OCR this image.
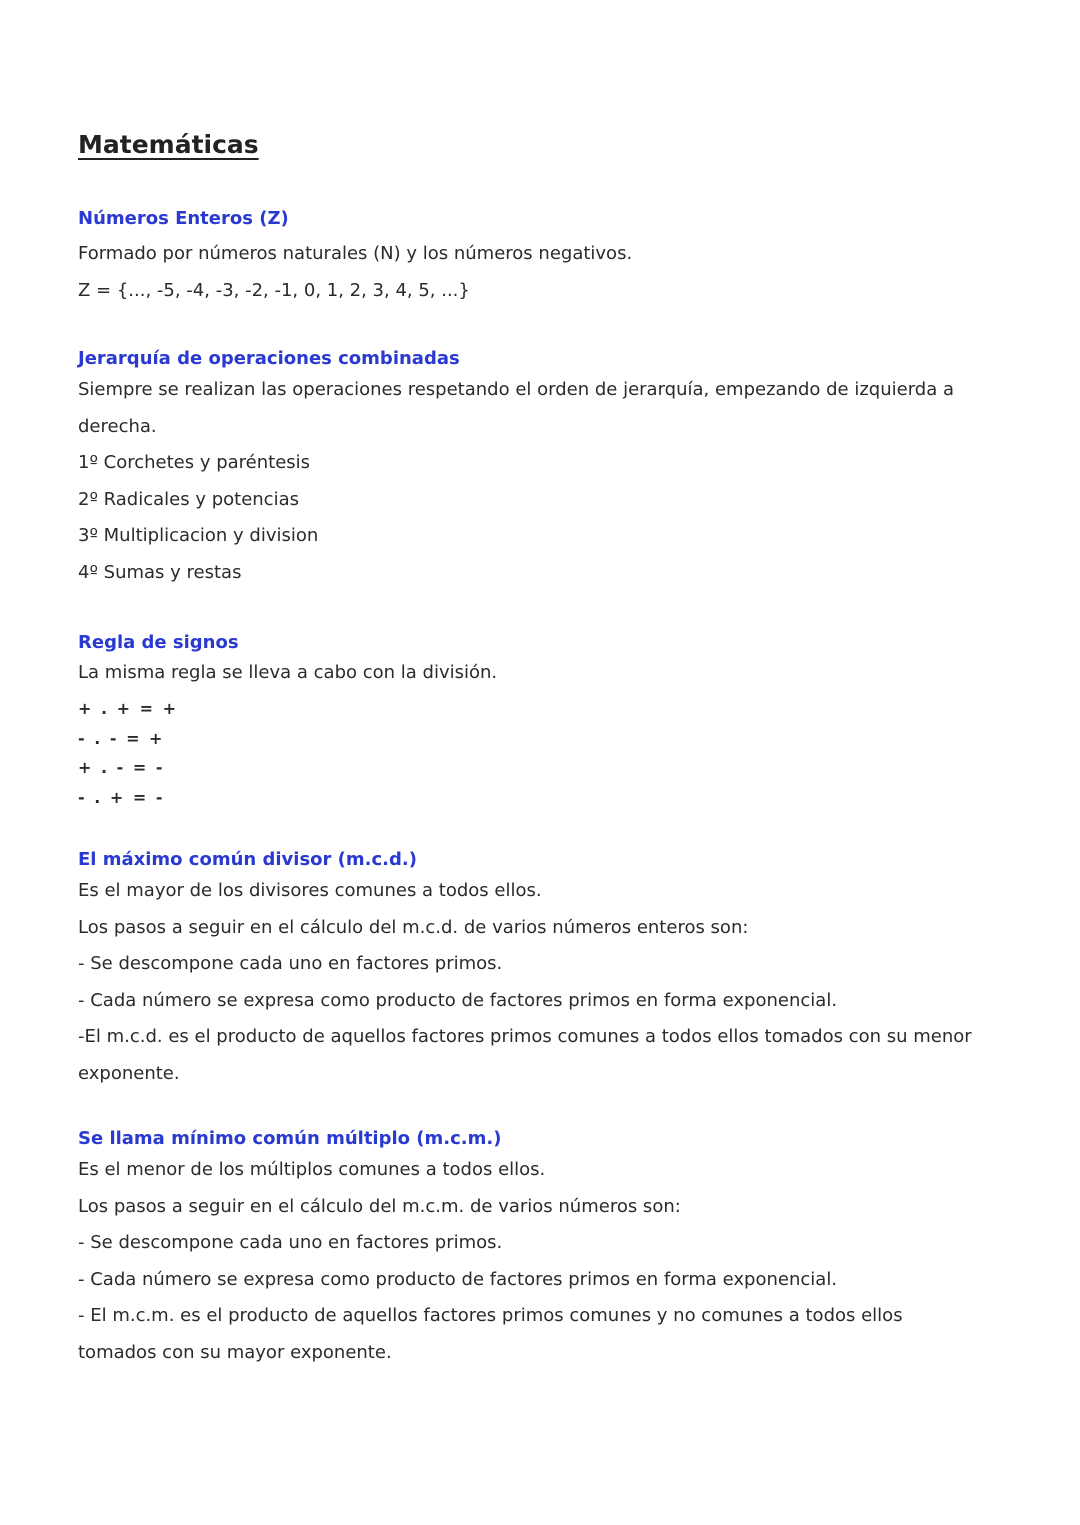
Matemáticas

Números Enteros (Z)

Formado por números naturales (N) y los números negativos.

Z = {..., -5, -4, -3, -2, -1, 0, 1, 2, 3, 4, 5, ...}

Jerarquía de operaciones combinadas

Siempre se realizan las operaciones respetando el orden de jerarquía, empezando de izquierda a derecha.

1º Corchetes y paréntesis

2º Radicales y potencias

3º Multiplicacion y division

4º Sumas y restas

Regla de signos

La misma regla se lleva a cabo con la división.

+ . + = +

- . - = +

+ . - = -

- . + = -

El máximo común divisor (m.c.d.)

Es el mayor de los divisores comunes a todos ellos.

Los pasos a seguir en el cálculo del m.c.d. de varios números enteros son:

- Se descompone cada uno en factores primos.

- Cada número se expresa como producto de factores primos en forma exponencial.

-El m.c.d. es el producto de aquellos factores primos comunes a todos ellos tomados con su menor exponente.

Se llama mínimo común múltiplo (m.c.m.)

Es el menor de los múltiplos comunes a todos ellos.

Los pasos a seguir en el cálculo del m.c.m. de varios números son:

- Se descompone cada uno en factores primos.

- Cada número se expresa como producto de factores primos en forma exponencial.

- El m.c.m. es el producto de aquellos factores primos comunes y no comunes a todos ellos tomados con su mayor exponente.
